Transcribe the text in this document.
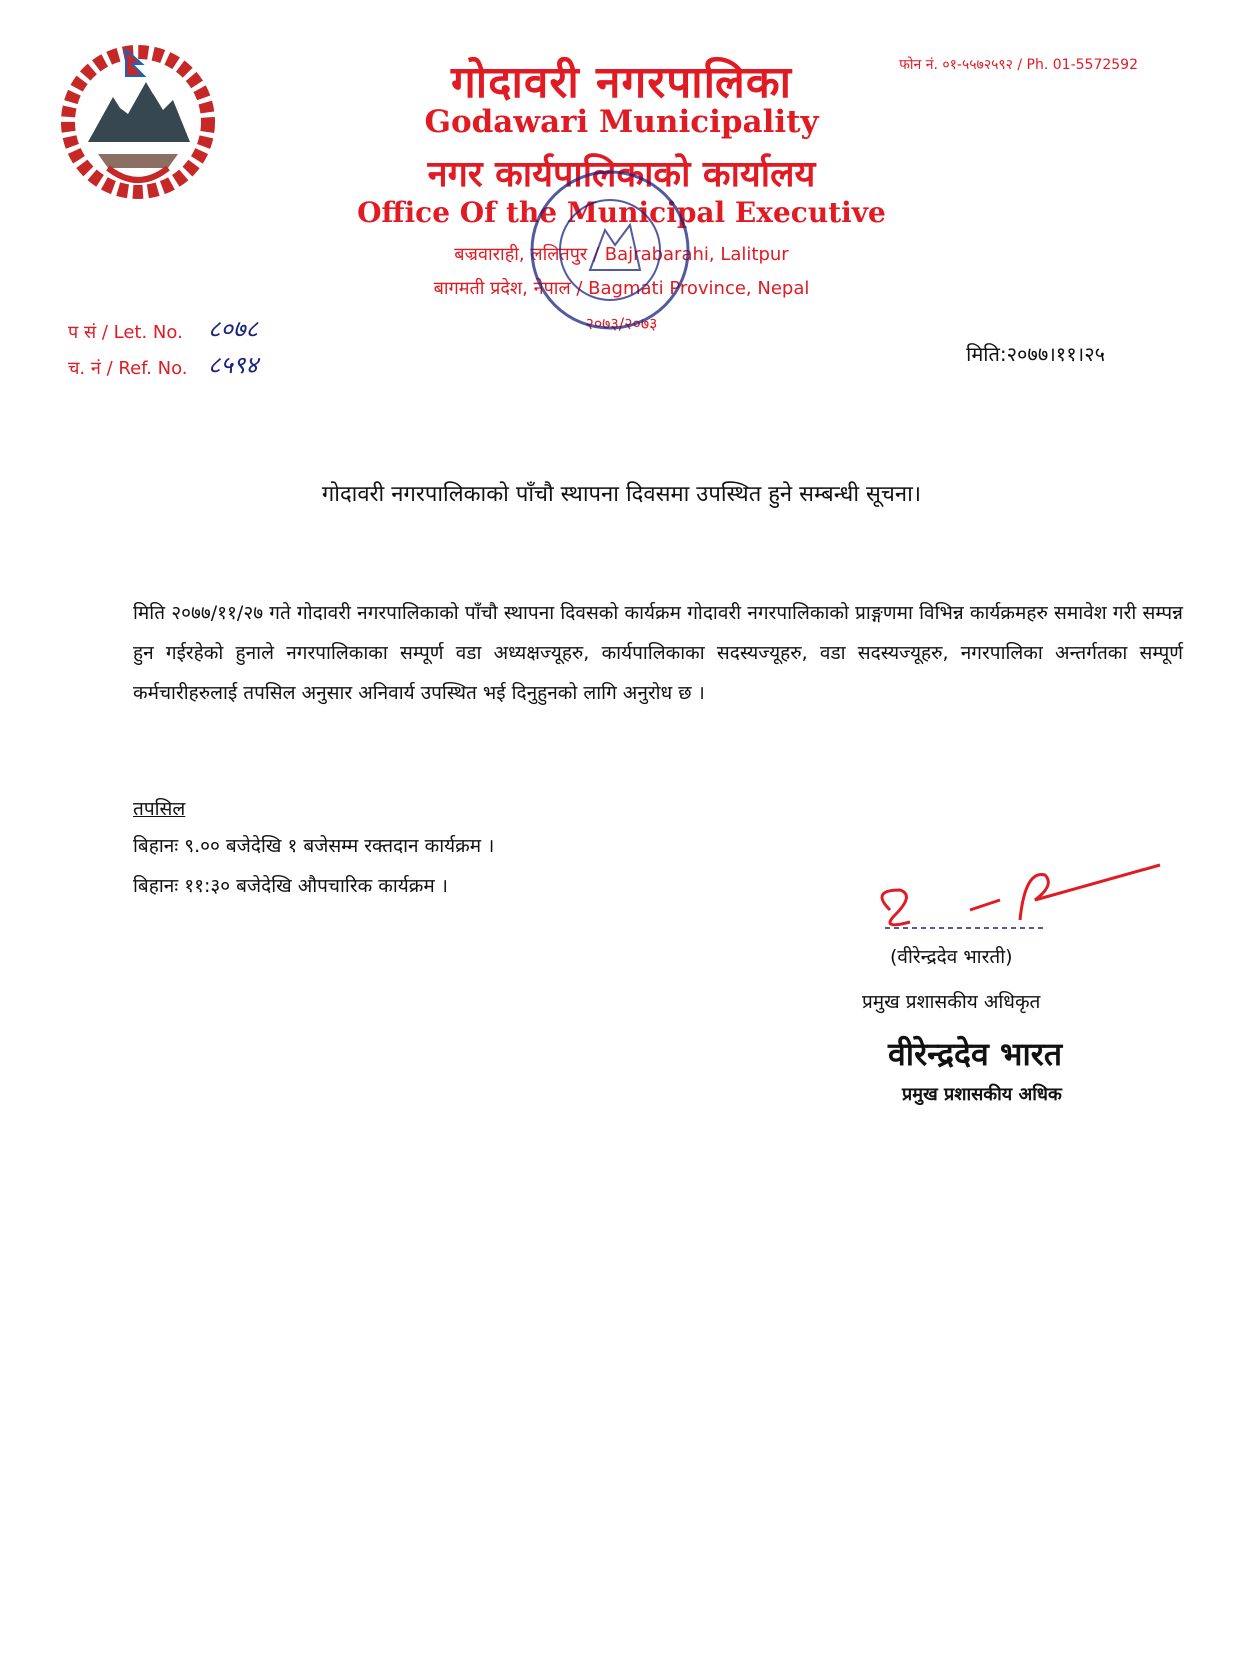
फोन नं. ०१-५५७२५९२ / Ph. 01-5572592
गोदावरी नगरपालिका
Godawari Municipality
नगर कार्यपालिकाको कार्यालय
Office Of the Municipal Executive
बज्रवाराही, ललितपुर / Bajrabarahi, Lalitpur
बागमती प्रदेश, नेपाल / Bagmati Province, Nepal
२०७३/२०७३
प सं / Let. No. ८०७८
च. नं / Ref. No. ८५९४	मिति:२०७७।११।२५
गोदावरी नगरपालिकाको पाँचौ स्थापना दिवसमा उपस्थित हुने सम्बन्धी सूचना।
मिति २०७७/११/२७ गते गोदावरी नगरपालिकाको पाँचौ स्थापना दिवसको कार्यक्रम गोदावरी नगरपालिकाको प्राङ्गणमा विभिन्न कार्यक्रमहरु समावेश गरी सम्पन्न हुन गईरहेको हुनाले नगरपालिकाका सम्पूर्ण वडा अध्यक्षज्यूहरु, कार्यपालिकाका सदस्यज्यूहरु, वडा सदस्यज्यूहरु, नगरपालिका अन्तर्गतका सम्पूर्ण कर्मचारीहरुलाई तपसिल अनुसार अनिवार्य उपस्थित भई दिनुहुनको लागि अनुरोध छ ।
तपसिल
बिहानः ९.०० बजेदेखि १ बजेसम्म रक्तदान कार्यक्रम ।
बिहानः ११:३० बजेदेखि औपचारिक कार्यक्रम ।
(वीरेन्द्रदेव भारती)
प्रमुख प्रशासकीय अधिकृत
वीरेन्द्रदेव भारत
प्रमुख प्रशासकीय अधिक
